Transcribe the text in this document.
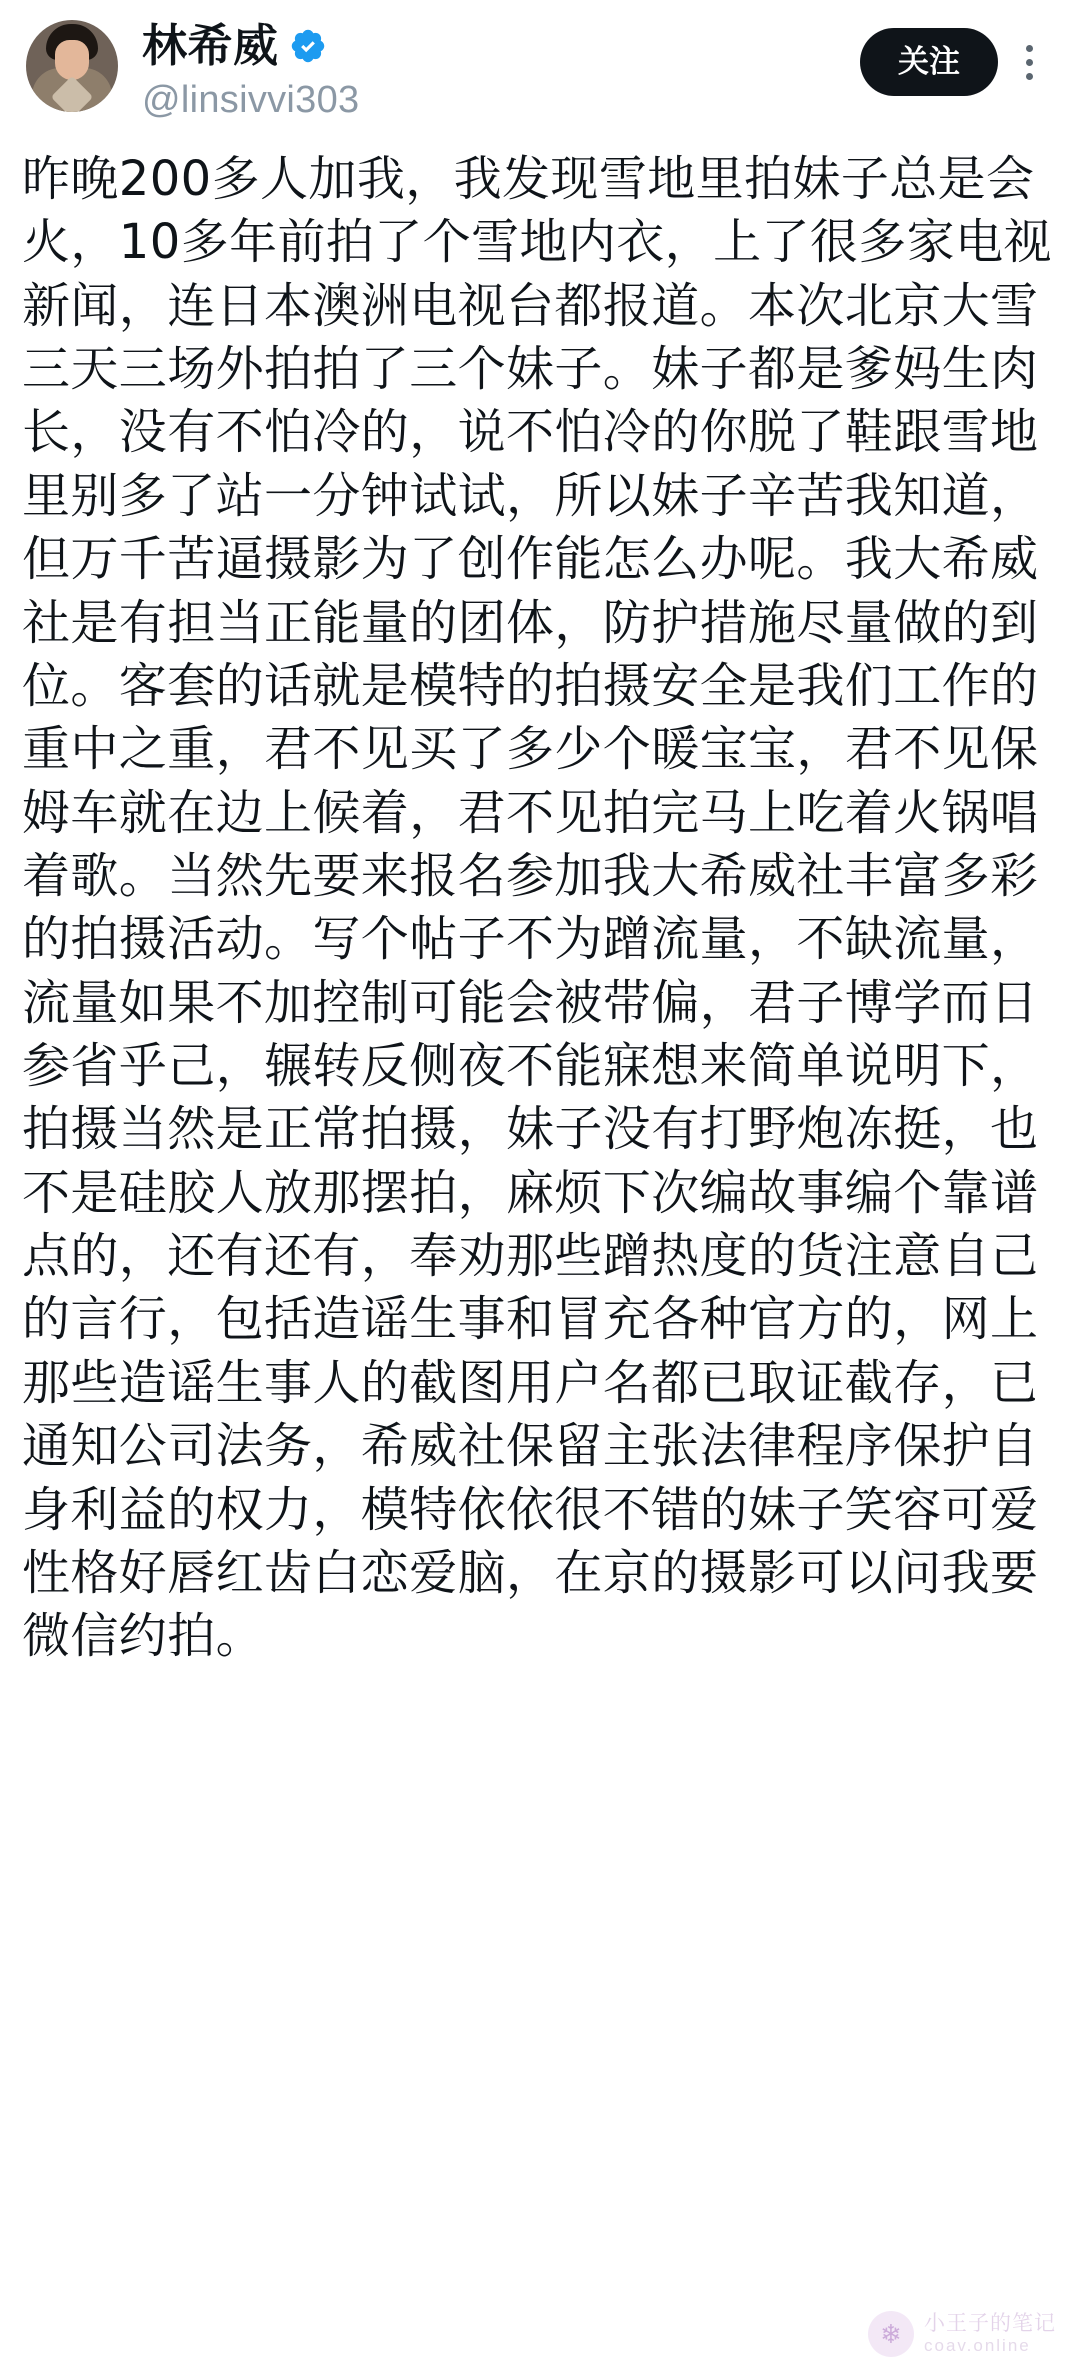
林希威
@linsivvi303
关注
昨晚200多人加我，我发现雪地里拍妹子总是会火，10多年前拍了个雪地内衣，上了很多家电视新闻，连日本澳洲电视台都报道。本次北京大雪三天三场外拍拍了三个妹子。妹子都是爹妈生肉长，没有不怕冷的，说不怕冷的你脱了鞋跟雪地里别多了站一分钟试试，所以妹子辛苦我知道，但万千苦逼摄影为了创作能怎么办呢。我大希威社是有担当正能量的团体，防护措施尽量做的到位。客套的话就是模特的拍摄安全是我们工作的重中之重，君不见买了多少个暖宝宝，君不见保姆车就在边上候着，君不见拍完马上吃着火锅唱着歌。当然先要来报名参加我大希威社丰富多彩的拍摄活动。写个帖子不为蹭流量，不缺流量，流量如果不加控制可能会被带偏，君子博学而日参省乎己，辗转反侧夜不能寐想来简单说明下，拍摄当然是正常拍摄，妹子没有打野炮冻挺，也不是硅胶人放那摆拍，麻烦下次编故事编个靠谱点的，还有还有，奉劝那些蹭热度的货注意自己的言行，包括造谣生事和冒充各种官方的，网上那些造谣生事人的截图用户名都已取证截存，已通知公司法务，希威社保留主张法律程序保护自身利益的权力，模特依依很不错的妹子笑容可爱性格好唇红齿白恋爱脑，在京的摄影可以问我要微信约拍。
❄ 小王子的笔记
coav.online
